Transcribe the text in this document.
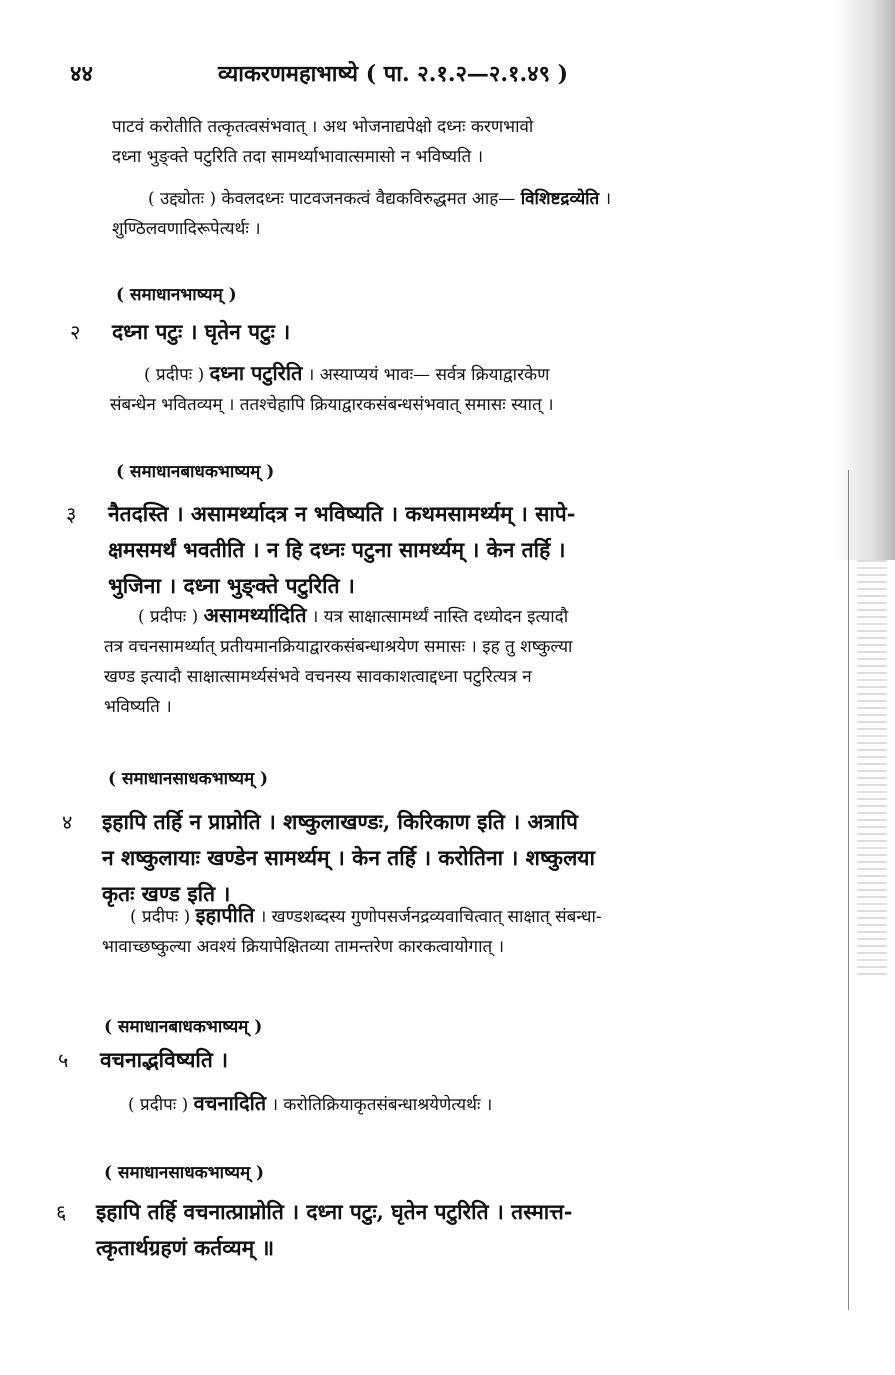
४४	व्याकरणमहाभाष्ये ( पा. २.१.२—२.१.४९ )

पाटवं करोतीति तत्कृतत्वसंभवात् । अथ भोजनाद्यपेक्षो दध्नः करणभावो

दध्ना भुङ्क्ते पटुरिति तदा सामर्थ्याभावात्समासो न भविष्यति ।

( उद्द्योतः ) केवलदध्नः पाटवजनकत्वं वैद्यकविरुद्धमत आह— विशिष्टद्रव्येति ।

शुण्ठिलवणादिरूपेत्यर्थः ।

( समाधानभाष्यम् )
२ दध्ना पटुः । घृतेन पटुः ।

( प्रदीपः ) दध्ना पटुरिति । अस्याप्ययं भावः— सर्वत्र क्रियाद्वारकेण

संबन्धेन भवितव्यम् । ततश्चेहापि क्रियाद्वारकसंबन्धसंभवात् समासः स्यात् ।

( समाधानबाधकभाष्यम् )
३ नैतदस्ति । असामर्थ्यादत्र न भविष्यति । कथमसामर्थ्यम् । सापे-

क्षमसमर्थं भवतीति । न हि दध्नः पटुना सामर्थ्यम् । केन तर्हि ।

भुजिना । दध्ना भुङ्क्ते पटुरिति ।

( प्रदीपः ) असामर्थ्यादिति । यत्र साक्षात्सामर्थ्यं नास्ति दध्योदन इत्यादौ

तत्र वचनसामर्थ्यात् प्रतीयमानक्रियाद्वारकसंबन्धाश्रयेण समासः । इह तु शष्कुल्या

खण्ड इत्यादौ साक्षात्सामर्थ्यसंभवे वचनस्य सावकाशत्वाद्दध्ना पटुरित्यत्र न

भविष्यति ।

( समाधानसाधकभाष्यम् )
४ इहापि तर्हि न प्राप्नोति । शष्कुलाखण्डः, किरिकाण इति । अत्रापि

न शष्कुलायाः खण्डेन सामर्थ्यम् । केन तर्हि । करोतिना । शष्कुलया

कृतः खण्ड इति ।

( प्रदीपः ) इहापीति । खण्डशब्दस्य गुणोपसर्जनद्रव्यवाचित्वात् साक्षात् संबन्धा-

भावाच्छष्कुल्या अवश्यं क्रियापेक्षितव्या तामन्तरेण कारकत्वायोगात् ।

( समाधानबाधकभाष्यम् )
५ वचनाद्भविष्यति ।

( प्रदीपः ) वचनादिति । करोतिक्रियाकृतसंबन्धाश्रयेणेत्यर्थः ।

( समाधानसाधकभाष्यम् )
६ इहापि तर्हि वचनात्प्राप्नोति । दध्ना पटुः, घृतेन पटुरिति । तस्मात्त-

त्कृतार्थग्रहणं कर्तव्यम् ॥
